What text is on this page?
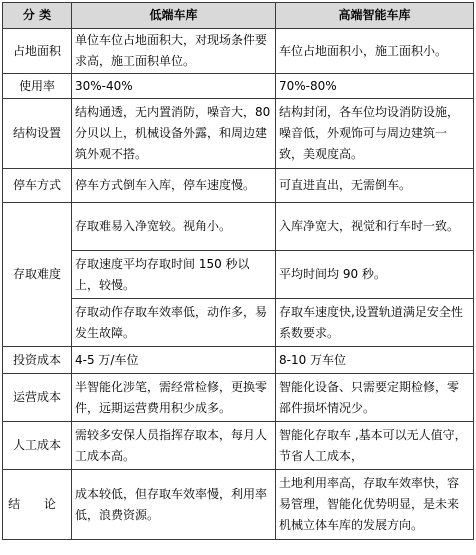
分 类	低端车库	高端智能车库
占地面积	单位车位占地面积大，对现场条件要求高，施工面积单位。	车位占地面积小，施工面积小。
使用率	30%-40%	70%-80%
结构设置	结构通透，无内置消防，噪音大，80 分贝以上，机械设备外露，和周边建筑外观不搭。	结构封闭，各车位均设消防设施，噪音低，外观饰可与周边建筑一致，美观度高。
停车方式	停车方式倒车入库，停车速度慢。	可直进直出，无需倒车。
存取难度	存取难易入净宽较。视角小。	入库净宽大，视觉和行车时一致。
	存取速度平均存取时间 150 秒以上，较慢。	平均时间均 90 秒。
	存取动作存取车效率低，动作多，易发生故障。	存取车速度快,设置轨道满足安全性系数要求。
投资成本	4-5 万/车位	8-10 万车位
运营成本	半智能化涉笔，需经常检修，更换零件，远期运营费用积少成多。	智能化设备、只需要定期检修，零部件损坏情况少。
人工成本	需较多安保人员指挥存取本，每月人工成本高。	智能化存取车 ,基本可以无人值守，节省人工成本，
结 论	成本较低，但存取车效率慢，利用率低，浪费资源。	土地利用率高，存取车效率快，容易管理，智能化优势明显，是未来机械立体车库的发展方向。
